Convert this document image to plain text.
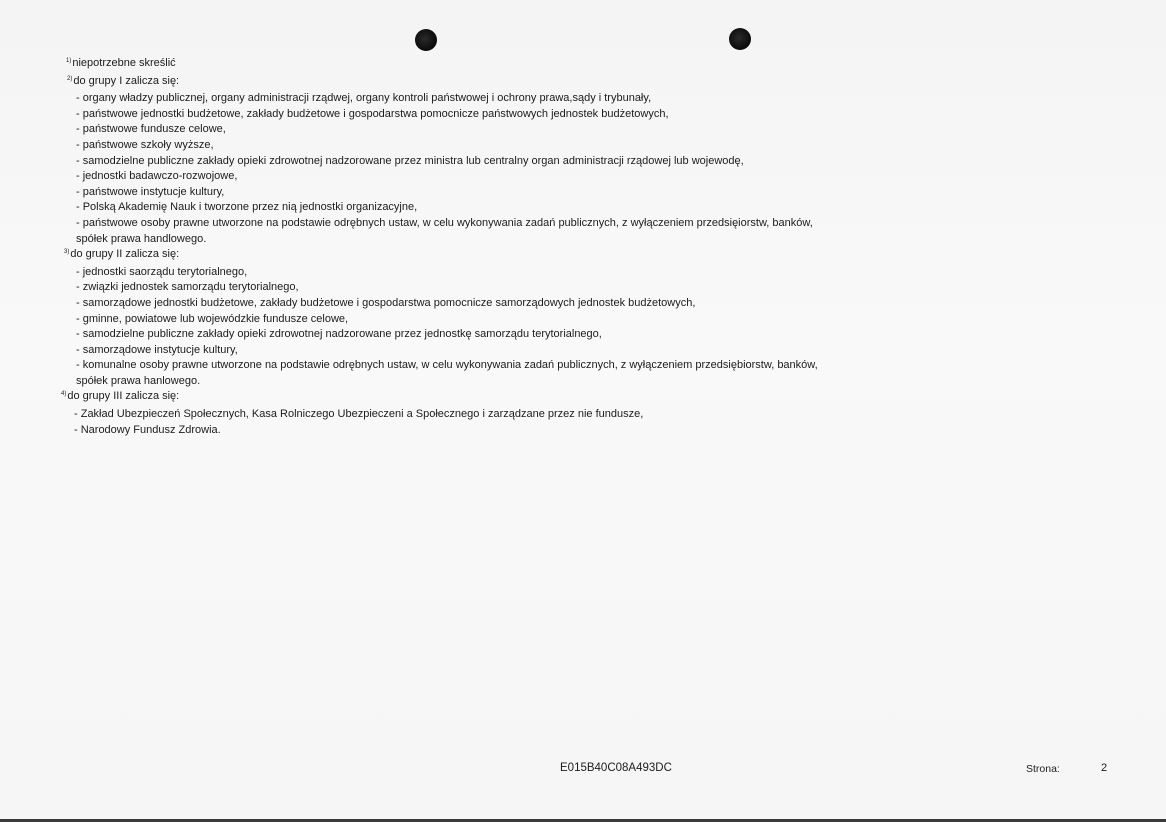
$^{1)}$niepotrzebne skreślić
$^{2)}$do grupy I zalicza się:
- organy władzy publicznej, organy administracji rządwej, organy kontroli państwowej i ochrony prawa,sądy i trybunały,
- państwowe jednostki budżetowe, zakłady budżetowe i gospodarstwa pomocnicze państwowych jednostek budżetowych,
- państwowe fundusze celowe,
- państwowe szkoły wyższe,
- samodzielne publiczne zakłady opieki zdrowotnej nadzorowane przez ministra lub centralny organ administracji rządowej lub wojewodę,
- jednostki badawczo-rozwojowe,
- państwowe instytucje kultury,
- Polską Akademię Nauk i tworzone przez nią jednostki organizacyjne,
- państwowe osoby prawne utworzone na podstawie odrębnych ustaw, w celu wykonywania zadań publicznych, z wyłączeniem przedsięiorstw, banków,
spółek prawa handlowego.
$^{3)}$do grupy II zalicza się:
- jednostki saorządu terytorialnego,
- związki jednostek samorządu terytorialnego,
- samorządowe jednostki budżetowe, zakłady budżetowe i gospodarstwa pomocnicze samorządowych jednostek budżetowych,
- gminne, powiatowe lub wojewódzkie fundusze celowe,
- samodzielne publiczne zakłady opieki zdrowotnej nadzorowane przez jednostkę samorządu terytorialnego,
- samorządowe instytucje kultury,
- komunalne osoby prawne utworzone na podstawie odrębnych ustaw, w celu wykonywania zadań publicznych, z wyłączeniem przedsiębiorstw, banków,
spółek prawa hanlowego.
$^{4)}$do grupy III zalicza się:
- Zakład Ubezpieczeń Społecznych, Kasa Rolniczego Ubezpieczeni a Społecznego i zarządzane przez nie fundusze,
- Narodowy Fundusz Zdrowia.
E015B40C08A493DC	Strona:	2
